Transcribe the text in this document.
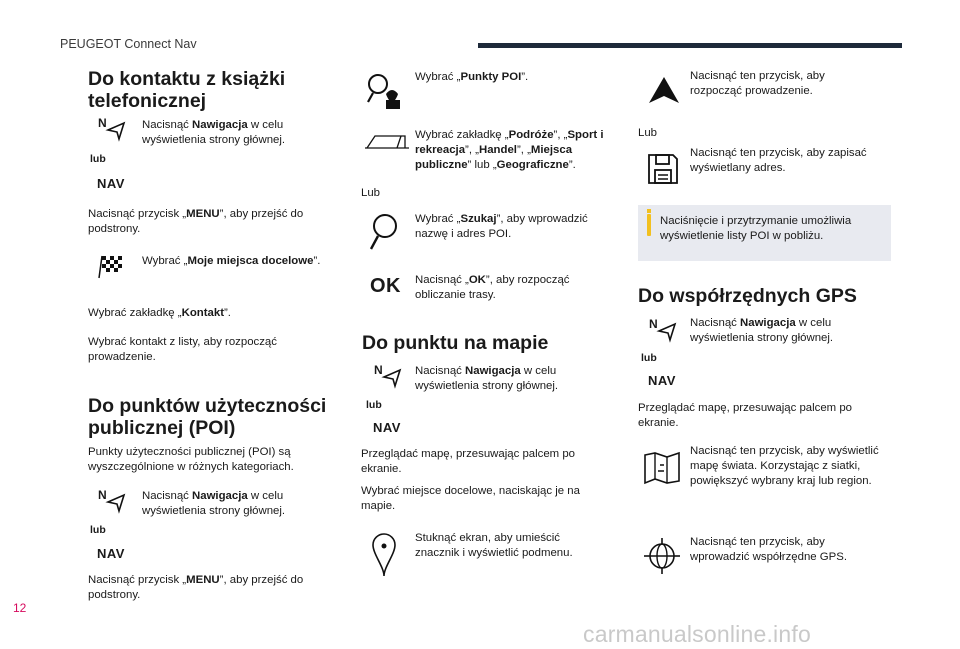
PEUGEOT Connect Nav
Do kontaktu z książki telefonicznej
N
lub
NAV
Nacisnąć Nawigacja w celu wyświetlenia strony głównej.
Nacisnąć przycisk „MENU”, aby przejść do podstrony.
Wybrać „Moje miejsca docelowe”.
Wybrać zakładkę „Kontakt”.
Wybrać kontakt z listy, aby rozpocząć prowadzenie.
Do punktów użyteczności publicznej (POI)
Punkty użyteczności publicznej (POI) są wyszczególnione w różnych kategoriach.
N
lub
NAV
Nacisnąć Nawigacja w celu wyświetlenia strony głównej.
Nacisnąć przycisk „MENU”, aby przejść do podstrony.
Wybrać „Punkty POI”.
Wybrać zakładkę „Podróże”, „Sport i rekreacja”, „Handel”, „Miejsca publiczne” lub „Geograficzne”.
Lub
Wybrać „Szukaj”, aby wprowadzić nazwę i adres POI.
OK Nacisnąć „OK”, aby rozpocząć obliczanie trasy.
Do punktu na mapie
N
lub
NAV
Nacisnąć Nawigacja w celu wyświetlenia strony głównej.
Przeglądać mapę, przesuwając palcem po ekranie.
Wybrać miejsce docelowe, naciskając je na mapie.
Stuknąć ekran, aby umieścić znacznik i wyświetlić podmenu.
Nacisnąć ten przycisk, aby rozpocząć prowadzenie.
Lub
Nacisnąć ten przycisk, aby zapisać wyświetlany adres.
Naciśnięcie i przytrzymanie umożliwia wyświetlenie listy POI w pobliżu.
Do współrzędnych GPS
N
lub
NAV
Nacisnąć Nawigacja w celu wyświetlenia strony głównej.
Przeglądać mapę, przesuwając palcem po ekranie.
Nacisnąć ten przycisk, aby wyświetlić mapę świata. Korzystając z siatki, powiększyć wybrany kraj lub region.
Nacisnąć ten przycisk, aby wprowadzić współrzędne GPS.
12
carmanualsonline.info
